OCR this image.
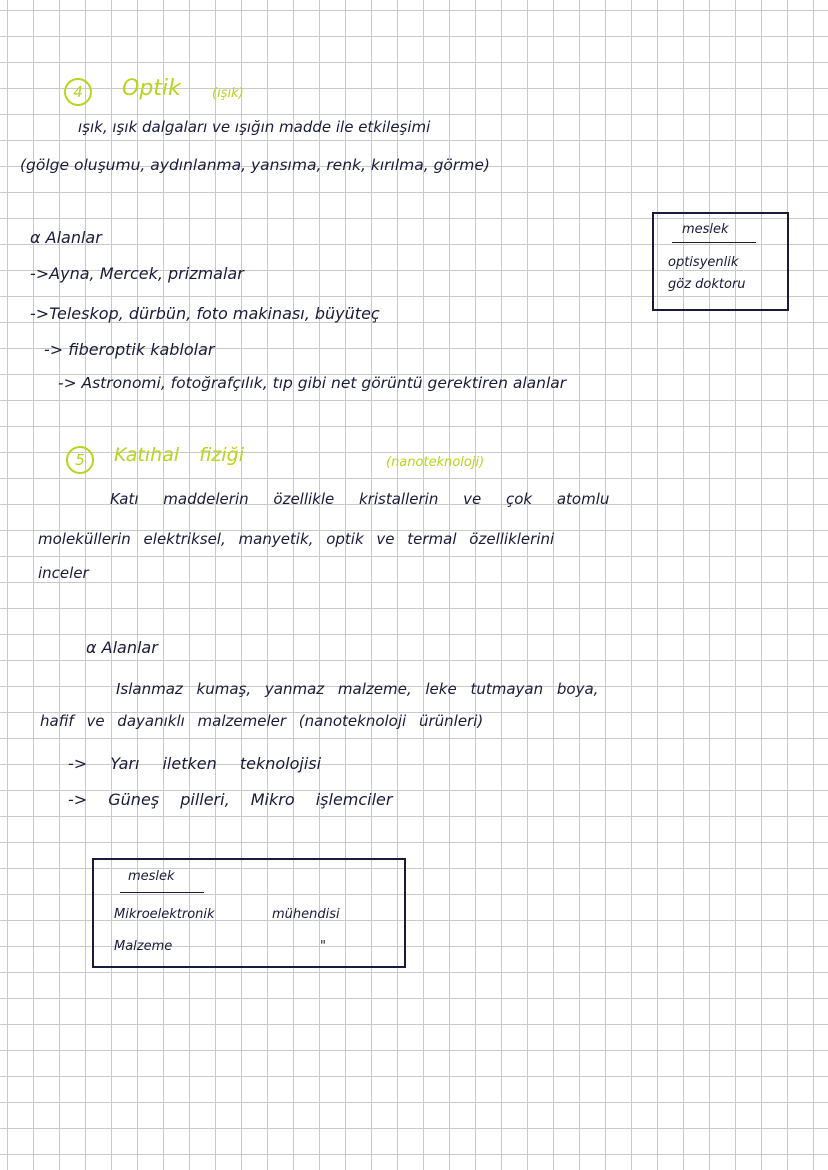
4	Optik (ışık)
ışık, ışık dalgaları ve ışığın madde ile etkileşimi
(gölge oluşumu, aydınlanma, yansıma, renk, kırılma, görme)
α Alanlar
->Ayna, Mercek, prizmalar
->Teleskop, dürbün, foto makinası, büyüteç
-> fiberoptik kablolar
-> Astronomi, fotoğrafçılık, tıp gibi net görüntü gerektiren alanlar
meslek
optisyenlik
göz doktoru
5	Katıhal fiziği	(nanoteknoloji)
Katı maddelerin özellikle kristallerin ve çok atomlu
moleküllerin elektriksel, manyetik, optik ve termal özelliklerini
inceler
α Alanlar
Islanmaz kumaş, yanmaz malzeme, leke tutmayan boya,
hafif ve dayanıklı malzemeler (nanoteknoloji ürünleri)
-> Yarı iletken teknolojisi
-> Güneş pilleri, Mikro işlemciler
meslek
Mikroelektronik	mühendisi
Malzeme	"
